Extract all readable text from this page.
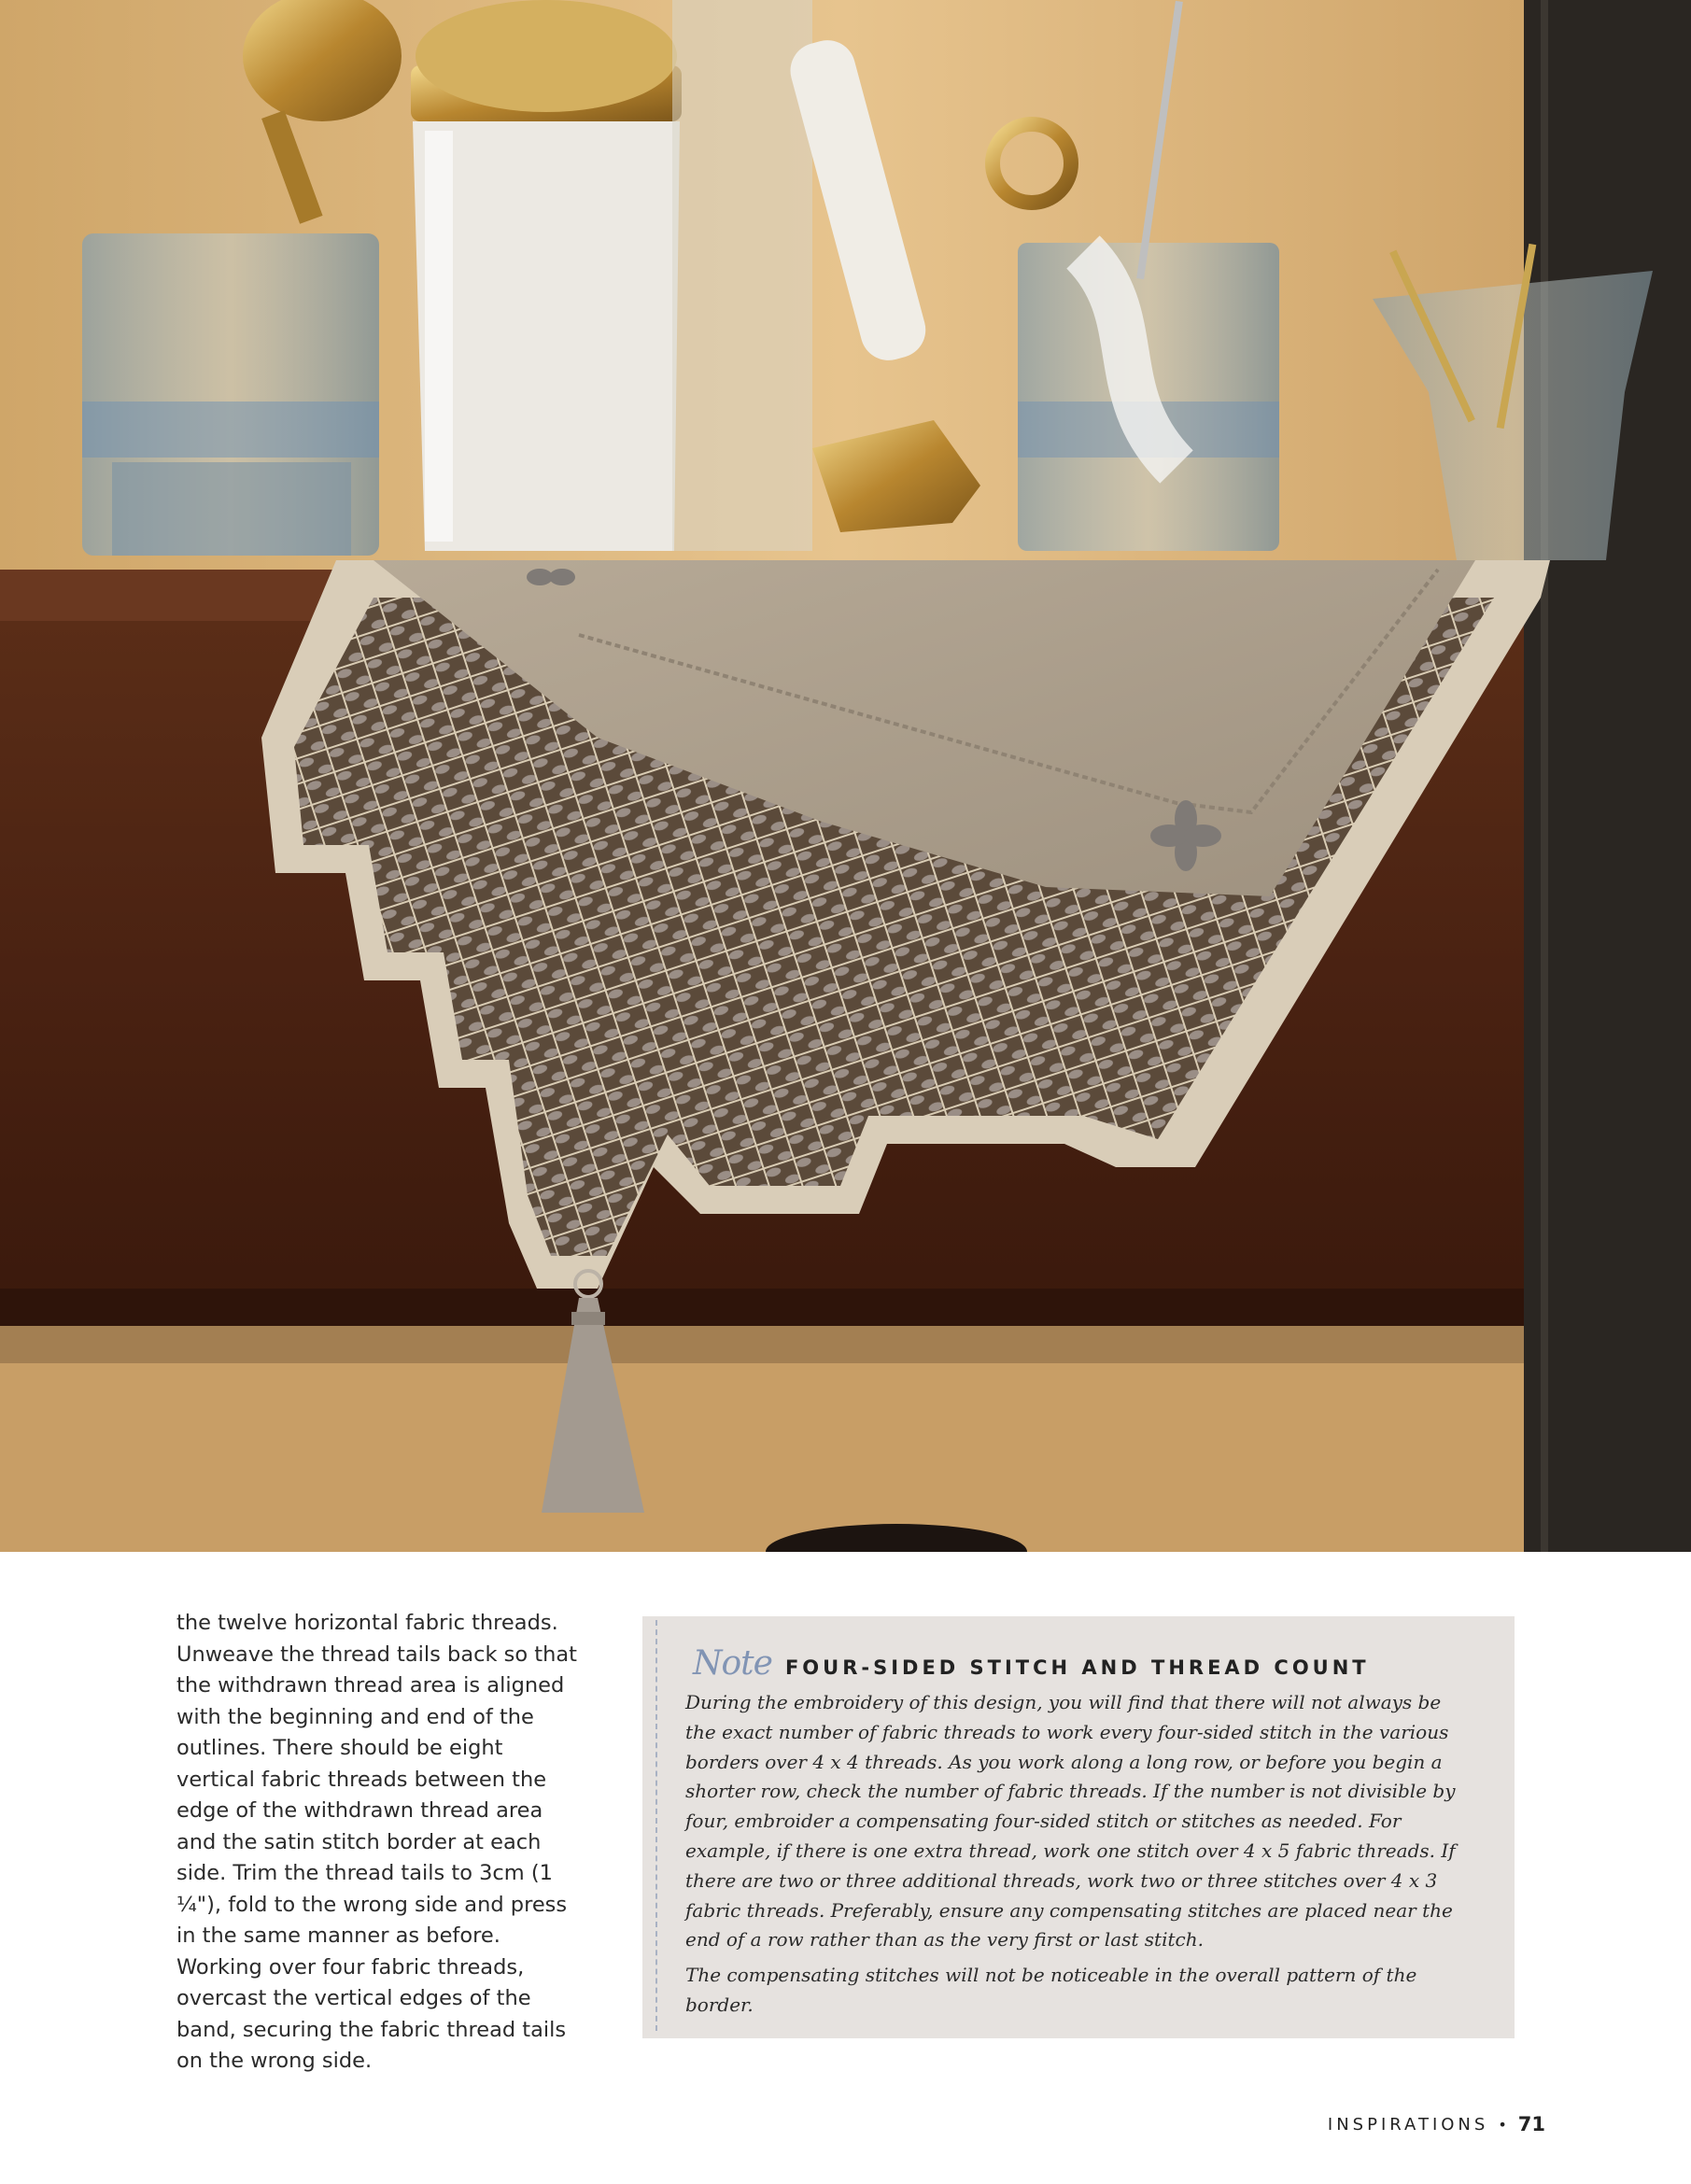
the twelve horizontal fabric threads. Unweave the thread tails back so that the withdrawn thread area is aligned with the beginning and end of the outlines. There should be eight vertical fabric threads between the edge of the withdrawn thread area and the satin stitch border at each side. Trim the thread tails to 3cm (1 ¼"), fold to the wrong side and press in the same manner as before. Working over four fabric threads, overcast the vertical edges of the band, securing the fabric thread tails on the wrong side.

Note FOUR-SIDED STITCH AND THREAD COUNT

During the embroidery of this design, you will find that there will not always be the exact number of fabric threads to work every four-sided stitch in the various borders over 4 x 4 threads. As you work along a long row, or before you begin a shorter row, check the number of fabric threads. If the number is not divisible by four, embroider a compensating four-sided stitch or stitches as needed. For example, if there is one extra thread, work one stitch over 4 x 5 fabric threads. If there are two or three additional threads, work two or three stitches over 4 x 3 fabric threads. Preferably, ensure any compensating stitches are placed near the end of a row rather than as the very first or last stitch.

The compensating stitches will not be noticeable in the overall pattern of the border.

INSPIRATIONS • 71
